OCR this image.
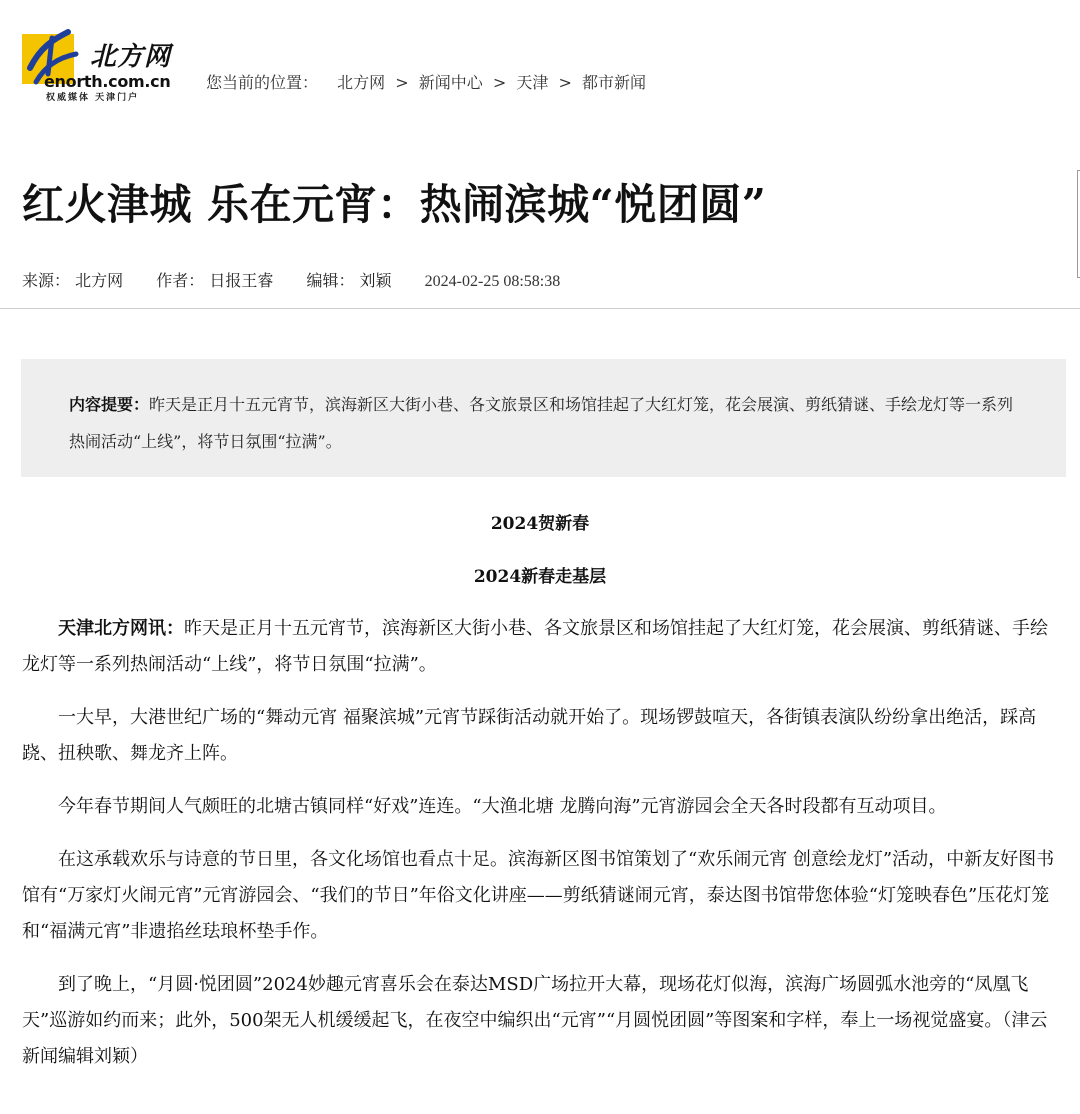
北方网
enorth.com.cn
权威媒体 天津门户
您当前的位置： 北方网 > 新闻中心 > 天津 > 都市新闻
红火津城 乐在元宵：热闹滨城“悦团圆”
来源： 北方网 作者： 日报王睿 编辑： 刘颖 2024-02-25 08:58:38
内容提要：昨天是正月十五元宵节，滨海新区大街小巷、各文旅景区和场馆挂起了大红灯笼，花会展演、剪纸猜谜、手绘龙灯等一系列热闹活动“上线”，将节日氛围“拉满”。
2024贺新春
2024新春走基层

天津北方网讯：昨天是正月十五元宵节，滨海新区大街小巷、各文旅景区和场馆挂起了大红灯笼，花会展演、剪纸猜谜、手绘龙灯等一系列热闹活动“上线”，将节日氛围“拉满”。

一大早，大港世纪广场的“舞动元宵 福聚滨城”元宵节踩街活动就开始了。现场锣鼓喧天，各街镇表演队纷纷拿出绝活，踩高跷、扭秧歌、舞龙齐上阵。

今年春节期间人气颇旺的北塘古镇同样“好戏”连连。“大渔北塘 龙腾向海”元宵游园会全天各时段都有互动项目。

在这承载欢乐与诗意的节日里，各文化场馆也看点十足。滨海新区图书馆策划了“欢乐闹元宵 创意绘龙灯”活动，中新友好图书馆有“万家灯火闹元宵”元宵游园会、“我们的节日”年俗文化讲座——剪纸猜谜闹元宵，泰达图书馆带您体验“灯笼映春色”压花灯笼和“福满元宵”非遗掐丝珐琅杯垫手作。

到了晚上，“月圆·悦团圆”2024妙趣元宵喜乐会在泰达MSD广场拉开大幕，现场花灯似海，滨海广场圆弧水池旁的“凤凰飞天”巡游如约而来；此外，500架无人机缓缓起飞，在夜空中编织出“元宵”“月圆悦团圆”等图案和字样，奉上一场视觉盛宴。（津云新闻编辑刘颖）
